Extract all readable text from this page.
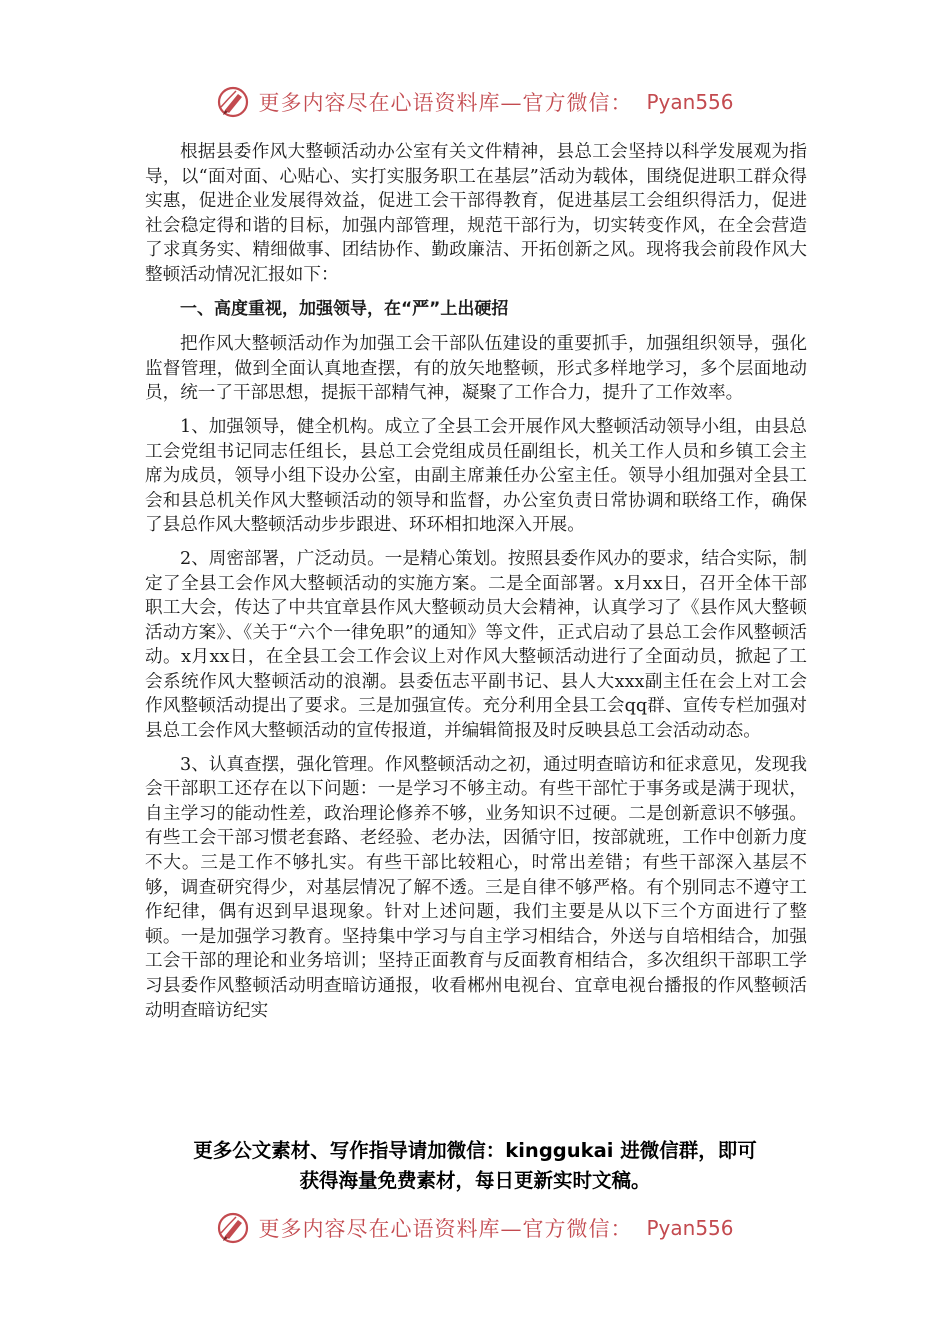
更多内容尽在心语资料库—官方微信： Pyan556

根据县委作风大整顿活动办公室有关文件精神，县总工会坚持以科学发展观为指导，以“面对面、心贴心、实打实服务职工在基层”活动为载体，围绕促进职工群众得实惠，促进企业发展得效益，促进工会干部得教育，促进基层工会组织得活力，促进社会稳定得和谐的目标，加强内部管理，规范干部行为，切实转变作风，在全会营造了求真务实、精细做事、团结协作、勤政廉洁、开拓创新之风。现将我会前段作风大整顿活动情况汇报如下：

一、高度重视，加强领导，在“严”上出硬招

把作风大整顿活动作为加强工会干部队伍建设的重要抓手，加强组织领导，强化监督管理，做到全面认真地查摆，有的放矢地整顿，形式多样地学习，多个层面地动员，统一了干部思想，提振干部精气神，凝聚了工作合力，提升了工作效率。

1、加强领导，健全机构。成立了全县工会开展作风大整顿活动领导小组，由县总工会党组书记同志任组长，县总工会党组成员任副组长，机关工作人员和乡镇工会主席为成员，领导小组下设办公室，由副主席兼任办公室主任。领导小组加强对全县工会和县总机关作风大整顿活动的领导和监督，办公室负责日常协调和联络工作，确保了县总作风大整顿活动步步跟进、环环相扣地深入开展。

2、周密部署，广泛动员。一是精心策划。按照县委作风办的要求，结合实际，制定了全县工会作风大整顿活动的实施方案。二是全面部署。x月xx日，召开全体干部职工大会，传达了中共宜章县作风大整顿动员大会精神，认真学习了《县作风大整顿活动方案》、《关于“六个一律免职”的通知》等文件，正式启动了县总工会作风整顿活动。x月xx日，在全县工会工作会议上对作风大整顿活动进行了全面动员，掀起了工会系统作风大整顿活动的浪潮。县委伍志平副书记、县人大xxx副主任在会上对工会作风整顿活动提出了要求。三是加强宣传。充分利用全县工会qq群、宣传专栏加强对县总工会作风大整顿活动的宣传报道，并编辑简报及时反映县总工会活动动态。

3、认真查摆，强化管理。作风整顿活动之初，通过明查暗访和征求意见，发现我会干部职工还存在以下问题：一是学习不够主动。有些干部忙于事务或是满于现状，自主学习的能动性差，政治理论修养不够，业务知识不过硬。二是创新意识不够强。有些工会干部习惯老套路、老经验、老办法，因循守旧，按部就班，工作中创新力度不大。三是工作不够扎实。有些干部比较粗心，时常出差错；有些干部深入基层不够，调查研究得少，对基层情况了解不透。三是自律不够严格。有个别同志不遵守工作纪律，偶有迟到早退现象。针对上述问题，我们主要是从以下三个方面进行了整顿。一是加强学习教育。坚持集中学习与自主学习相结合，外送与自培相结合，加强工会干部的理论和业务培训；坚持正面教育与反面教育相结合，多次组织干部职工学习县委作风整顿活动明查暗访通报，收看郴州电视台、宜章电视台播报的作风整顿活动明查暗访纪实

更多公文素材、写作指导请加微信：kinggukai 进微信群，即可
获得海量免费素材，每日更新实时文稿。
更多内容尽在心语资料库—官方微信： Pyan556
